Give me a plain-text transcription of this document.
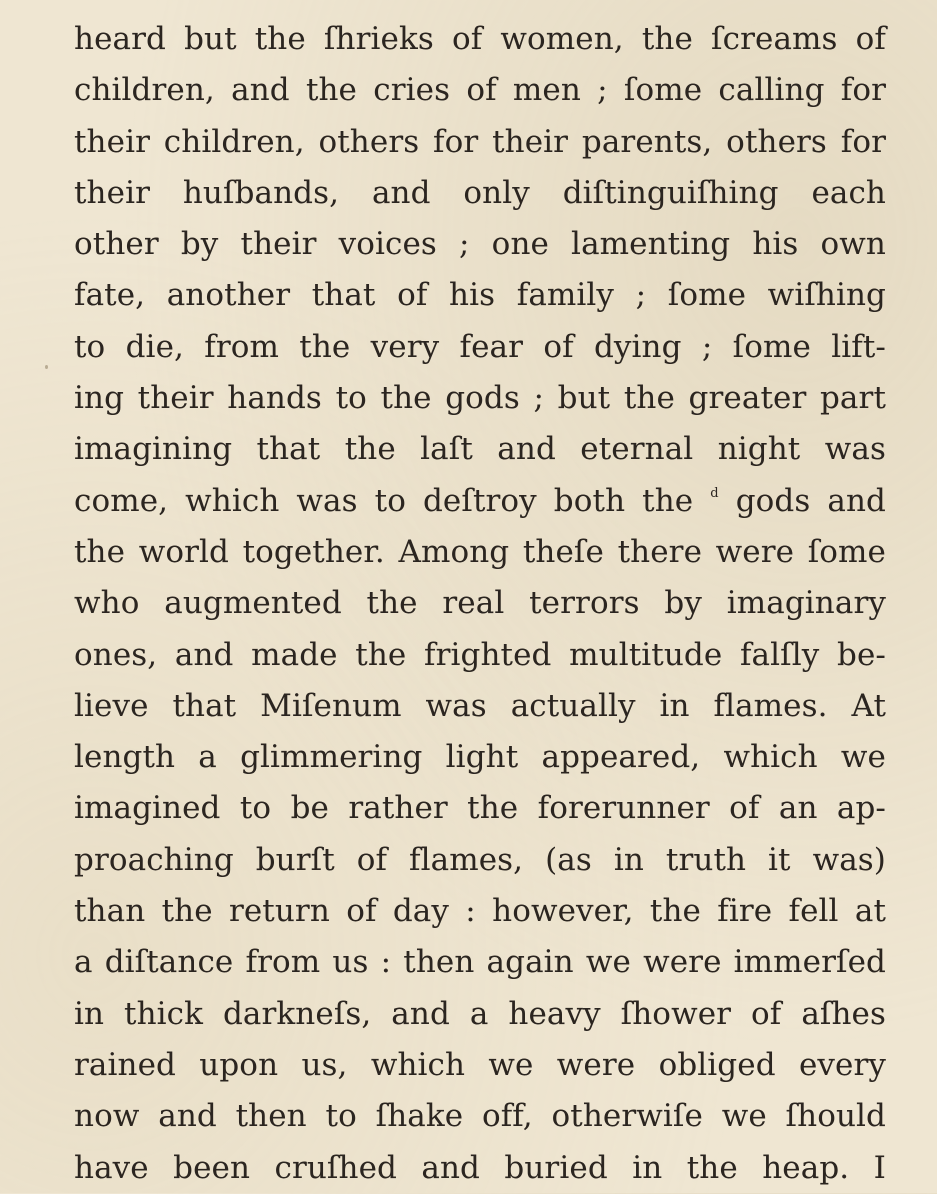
heard but the ſhrieks of women, the ſcreams of
children, and the cries of men ; ſome calling for
their children, others for their parents, others for
their huſbands, and only diſtinguiſhing each
other by their voices ; one lamenting his own
fate, another that of his family ; ſome wiſhing
to die, from the very fear of dying ; ſome lift-
ing their hands to the gods ; but the greater part
imagining that the laſt and eternal night was
come, which was to deſtroy both the $^d$ gods and
the world together. Among theſe there were ſome
who augmented the real terrors by imaginary
ones, and made the frighted multitude falſly be-
lieve that Miſenum was actually in flames. At
length a glimmering light appeared, which we
imagined to be rather the forerunner of an ap-
proaching burſt of flames, (as in truth it was)
than the return of day : however, the fire fell at
a diſtance from us : then again we were immerſed
in thick darkneſs, and a heavy ſhower of aſhes
rained upon us, which we were obliged every
now and then to ſhake off, otherwiſe we ſhould
have been cruſhed and buried in the heap. I
